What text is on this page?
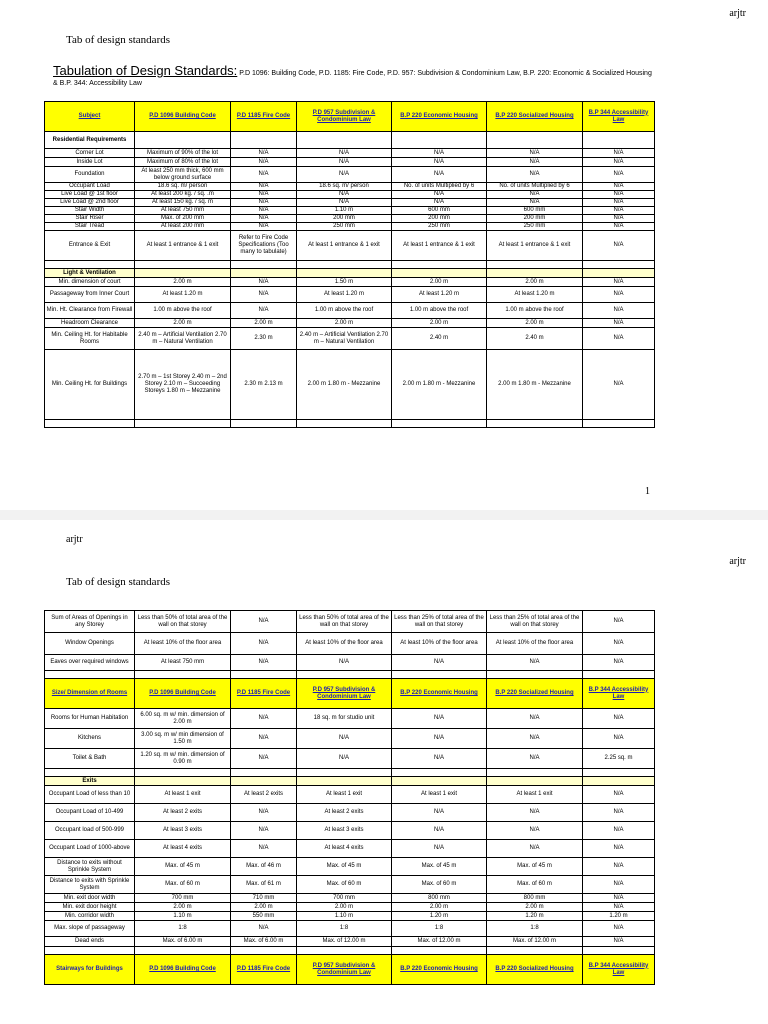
arjtr
Tab of design standards
Tabulation of Design Standards: P.D 1096: Building Code, P.D. 1185: Fire Code, P.D. 957: Subdivision & Condominium Law, B.P. 220: Economic & Socialized Housing & B.P. 344: Accessibility Law
Subject	P.D 1096 Building Code	P.D 1185 Fire Code	P.D 957 Subdivision & Condominium Law	B.P 220 Economic Housing	B.P 220 Socialized Housing	B.P 344 Accessibility Law
Residential Requirements						
Corner Lot	Maximum of 90% of the lot	N/A	N/A	N/A	N/A	N/A
Inside Lot	Maximum of 80% of the lot	N/A	N/A	N/A	N/A	N/A
Foundation	At least 250 mm thick, 600 mm below ground surface	N/A	N/A	N/A	N/A	N/A
Occupant Load	18.6 sq. m/ person	N/A	18.6 sq. m/ person	No. of units Multiplied by 6	No. of units Multiplied by 6	N/A
Live Load @ 1st floor	At least 200 kg. / sq. .m	N/A	N/A	N/A	N/A	N/A
Live Load @ 2nd floor	At least 150 kg. / sq. m	N/A	N/A	N/A	N/A	N/A
Stair Width	At least 750 mm	N/A	1.10 m	600 mm	600 mm	N/A
Stair Riser	Max. of 200 mm	N/A	200 mm	200 mm	200 mm	N/A
Stair Tread	At least 200 mm	N/A	250 mm	250 mm	250 mm	N/A
Entrance & Exit	At least 1 entrance & 1 exit	Refer to Fire Code Specifications (Too many to tabulate)	At least 1 entrance & 1 exit	At least 1 entrance & 1 exit	At least 1 entrance & 1 exit	N/A

Light & Ventilation						
Min. dimension of court	2.00 m	N/A	1.50 m	2.00 m	2.00 m	N/A
Passageway from Inner Court	At least 1.20 m	N/A	At least 1.20 m	At least 1.20 m	At least 1.20 m	N/A
Min. Ht. Clearance from Firewall	1.00 m above the roof	N/A	1.00 m above the roof	1.00 m above the roof	1.00 m above the roof	N/A
Headroom Clearance	2.00 m	2.00 m	2.00 m	2.00 m	2.00 m	N/A
Min. Ceiling Ht. for Habitable Rooms	2.40 m – Artificial Ventilation 2.70 m – Natural Ventilation	2.30 m	2.40 m – Artificial Ventilation 2.70 m – Natural Ventilation	2.40 m	2.40 m	N/A
Min. Ceiling Ht. for Buildings	2.70 m – 1st Storey 2.40 m – 2nd Storey 2.10 m – Succeeding Storeys 1.80 m – Mezzanine	2.30 m 2.13 m	2.00 m 1.80 m - Mezzanine	2.00 m 1.80 m - Mezzanine	2.00 m 1.80 m - Mezzanine	N/A

1
arjtr
arjtr
Tab of design standards
Sum of Areas of Openings in any Storey	Less than 50% of total area of the wall on that storey	N/A	Less than 50% of total area of the wall on that storey	Less than 25% of total area of the wall on that storey	Less than 25% of total area of the wall on that storey	N/A
Window Openings	At least 10% of the floor area	N/A	At least 10% of the floor area	At least 10% of the floor area	At least 10% of the floor area	N/A
Eaves over required windows	At least 750 mm	N/A	N/A	N/A	N/A	N/A

Size/ Dimension of Rooms	P.D 1096 Building Code	P.D 1185 Fire Code	P.D 957 Subdivision & Condominium Law	B.P 220 Economic Housing	B.P 220 Socialized Housing	B.P 344 Accessibility Law
Rooms for Human Habitation	6.00 sq. m w/ min. dimension of 2.00 m	N/A	18 sq. m for studio unit	N/A	N/A	N/A
Kitchens	3.00 sq. m w/ min dimension of 1.50 m	N/A	N/A	N/A	N/A	N/A
Toilet & Bath	1.20 sq. m w/ min. dimension of 0.90 m	N/A	N/A	N/A	N/A	2.25 sq. m

Exits						
Occupant Load of less than 10	At least 1 exit	At least 2 exits	At least 1 exit	At least 1 exit	At least 1 exit	N/A
Occupant Load of 10-499	At least 2 exits	N/A	At least 2 exits	N/A	N/A	N/A
Occupant load of 500-999	At least 3 exits	N/A	At least 3 exits	N/A	N/A	N/A
Occupant Load of 1000-above	At least 4 exits	N/A	At least 4 exits	N/A	N/A	N/A
Distance to exits without Sprinkle System	Max. of 45 m	Max. of 46 m	Max. of 45 m	Max. of 45 m	Max. of 45 m	N/A
Distance to exits with Sprinkle System	Max. of 60 m	Max. of 61 m	Max. of 60 m	Max. of 60 m	Max. of 60 m	N/A
Min. exit door width	700 mm	710 mm	700 mm	800 mm	800 mm	N/A
Min. exit door height	2.00 m	2.00 m	2.00 m	2.00 m	2.00 m	N/A
Min. corridor width	1.10 m	550 mm	1.10 m	1.20 m	1.20 m	1.20 m
Max. slope of passageway	1:8	N/A	1:8	1:8	1:8	N/A
Dead ends	Max. of 6.00 m	Max. of 6.00 m	Max. of 12.00 m	Max. of 12.00 m	Max. of 12.00 m	N/A

Stairways for Buildings	P.D 1096 Building Code	P.D 1185 Fire Code	P.D 957 Subdivision & Condominium Law	B.P 220 Economic Housing	B.P 220 Socialized Housing	B.P 344 Accessibility Law
